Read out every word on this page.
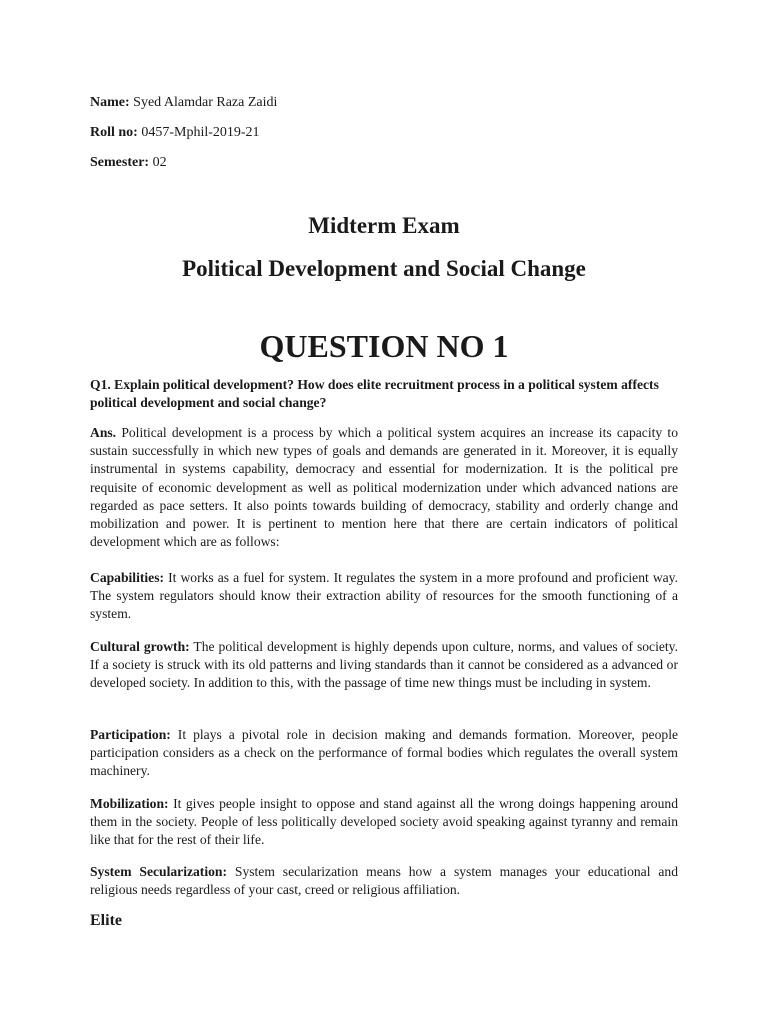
Name: Syed Alamdar Raza Zaidi

Roll no: 0457-Mphil-2019-21

Semester: 02

Midterm Exam
Political Development and Social Change
QUESTION NO 1

Q1. Explain political development? How does elite recruitment process in a political system affects political development and social change?

Ans. Political development is a process by which a political system acquires an increase its capacity to sustain successfully in which new types of goals and demands are generated in it. Moreover, it is equally instrumental in systems capability, democracy and essential for modernization. It is the political pre requisite of economic development as well as political modernization under which advanced nations are regarded as pace setters. It also points towards building of democracy, stability and orderly change and mobilization and power. It is pertinent to mention here that there are certain indicators of political development which are as follows:

Capabilities: It works as a fuel for system. It regulates the system in a more profound and proficient way. The system regulators should know their extraction ability of resources for the smooth functioning of a system.

Cultural growth: The political development is highly depends upon culture, norms, and values of society. If a society is struck with its old patterns and living standards than it cannot be considered as a advanced or developed society. In addition to this, with the passage of time new things must be including in system.

Participation: It plays a pivotal role in decision making and demands formation. Moreover, people participation considers as a check on the performance of formal bodies which regulates the overall system machinery.

Mobilization: It gives people insight to oppose and stand against all the wrong doings happening around them in the society. People of less politically developed society avoid speaking against tyranny and remain like that for the rest of their life.

System Secularization: System secularization means how a system manages your educational and religious needs regardless of your cast, creed or religious affiliation.

Elite
